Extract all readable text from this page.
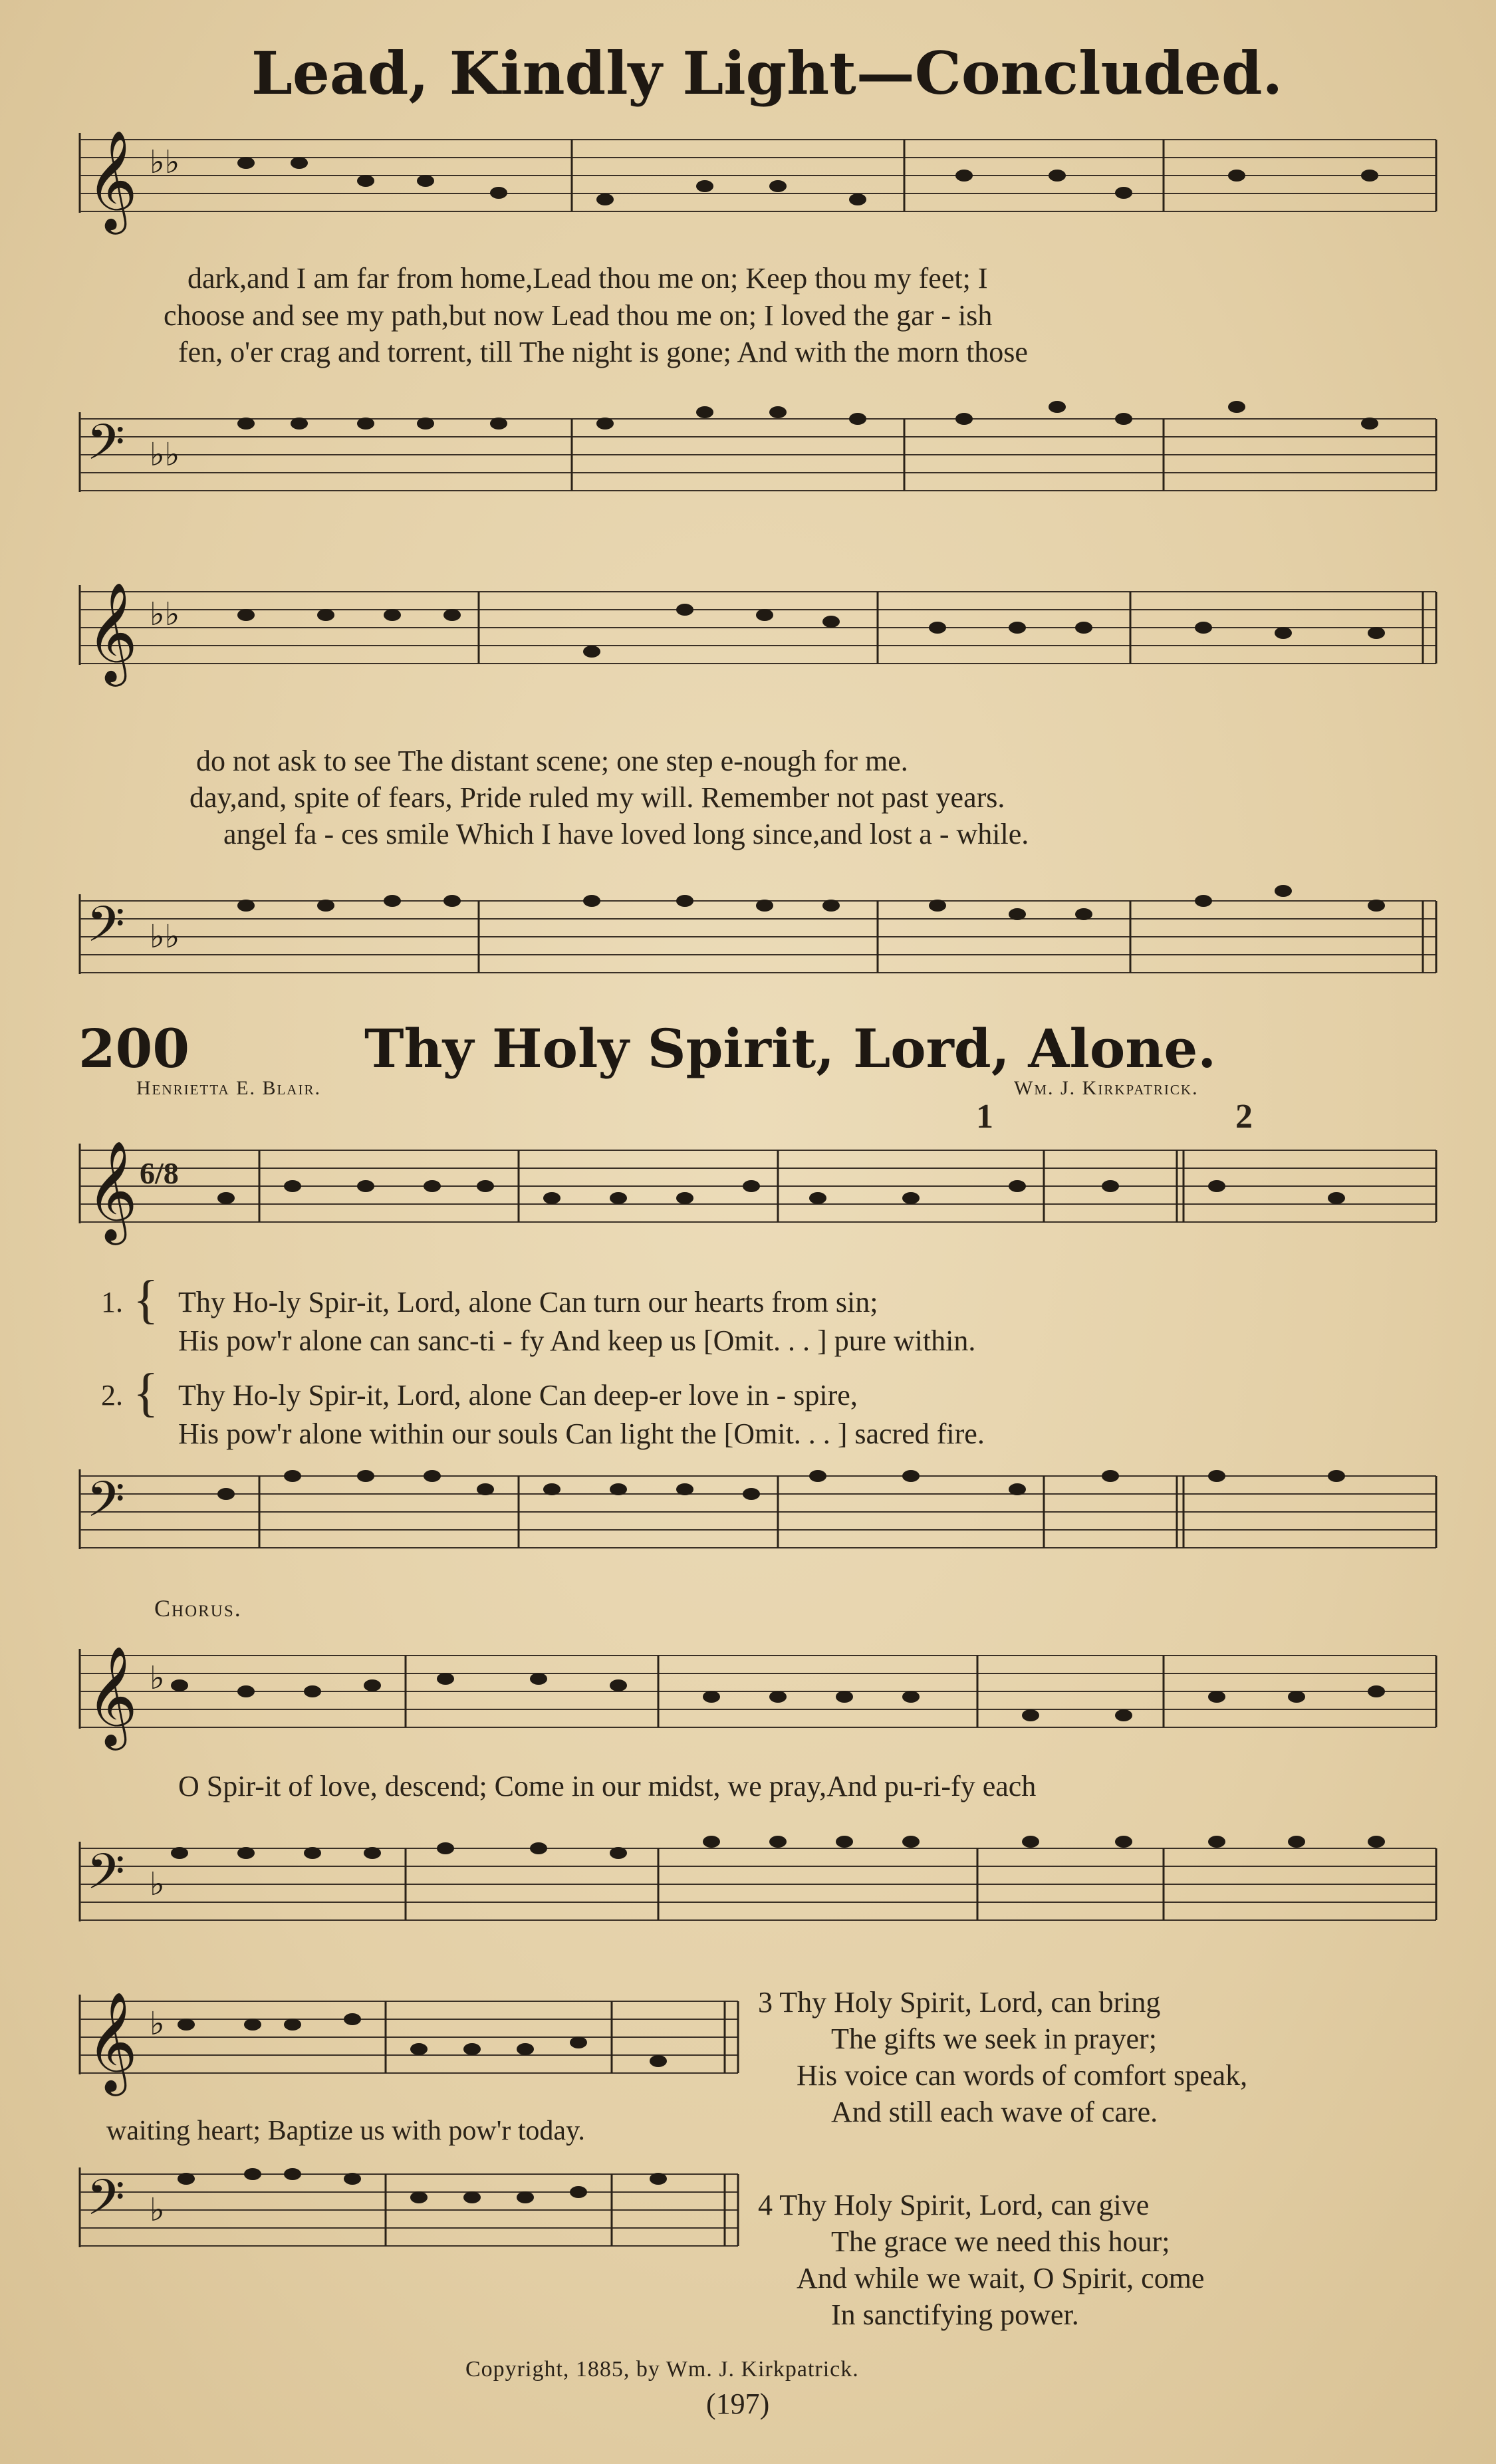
Lead, Kindly Light—Concluded.
𝄞 ♭♭
dark,and I am far from home,Lead thou me on; Keep thou my feet; I
choose and see my path,but now Lead thou me on; I loved the gar - ish
fen, o'er crag and torrent, till The night is gone; And with the morn those
𝄢 ♭♭
𝄞 ♭♭
do not ask to see The distant scene; one step e-nough for me.
day,and, spite of fears, Pride ruled my will. Remember not past years.
angel fa - ces smile Which I have loved long since,and lost a - while.
𝄢 ♭♭
200	Thy Holy Spirit, Lord, Alone.
Henrietta E. Blair.	Wm. J. Kirkpatrick.
𝄞 6/8
1	2
1. { Thy Ho-ly Spir-it, Lord, alone Can turn our hearts from sin;
His pow'r alone can sanc-ti - fy And keep us [Omit. . . ] pure within.
2. { Thy Ho-ly Spir-it, Lord, alone Can deep-er love in - spire,
His pow'r alone within our souls Can light the [Omit. . . ] sacred fire.
𝄢
Chorus.
𝄞 ♭
O Spir-it of love, descend; Come in our midst, we pray,And pu-ri-fy each
𝄢 ♭
𝄞 ♭
waiting heart; Baptize us with pow'r today.
𝄢 ♭
3 Thy Holy Spirit, Lord, can bring
The gifts we seek in prayer;
His voice can words of comfort speak,
And still each wave of care.
4 Thy Holy Spirit, Lord, can give
The grace we need this hour;
And while we wait, O Spirit, come
In sanctifying power.
Copyright, 1885, by Wm. J. Kirkpatrick.
(197)
